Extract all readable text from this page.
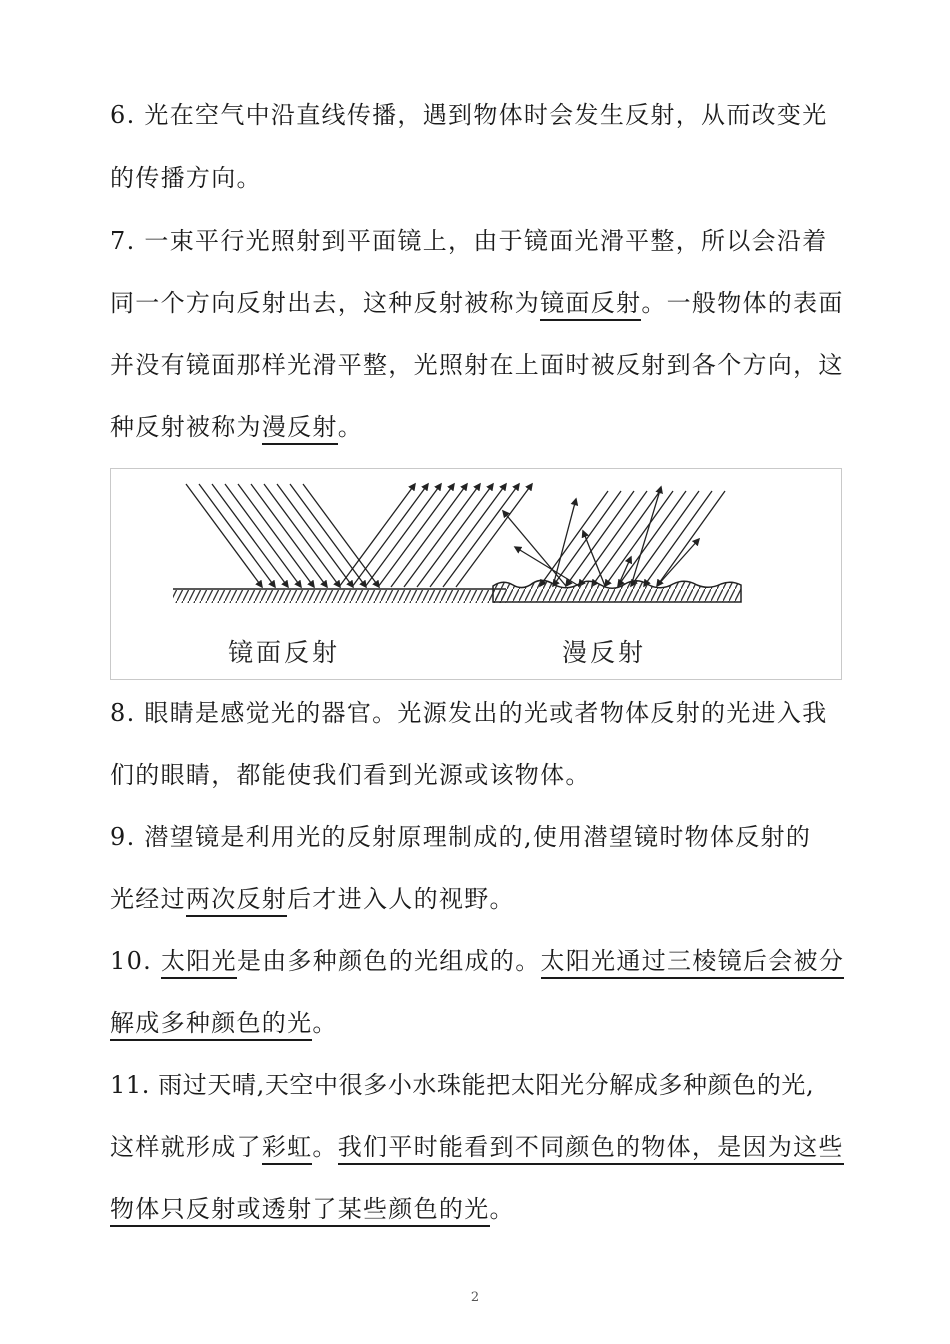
6. 光在空气中沿直线传播，遇到物体时会发生反射，从而改变光
的传播方向。
7. 一束平行光照射到平面镜上，由于镜面光滑平整，所以会沿着
同一个方向反射出去，这种反射被称为镜面反射。一般物体的表面
并没有镜面那样光滑平整，光照射在上面时被反射到各个方向，这
种反射被称为漫反射。
镜面反射	漫反射
8. 眼睛是感觉光的器官。光源发出的光或者物体反射的光进入我
们的眼睛，都能使我们看到光源或该物体。
9. 潜望镜是利用光的反射原理制成的,使用潜望镜时物体反射的
光经过两次反射后才进入人的视野。
10. 太阳光是由多种颜色的光组成的。太阳光通过三棱镜后会被分
解成多种颜色的光。
11. 雨过天晴,天空中很多小水珠能把太阳光分解成多种颜色的光,
这样就形成了彩虹。我们平时能看到不同颜色的物体，是因为这些
物体只反射或透射了某些颜色的光。
2
